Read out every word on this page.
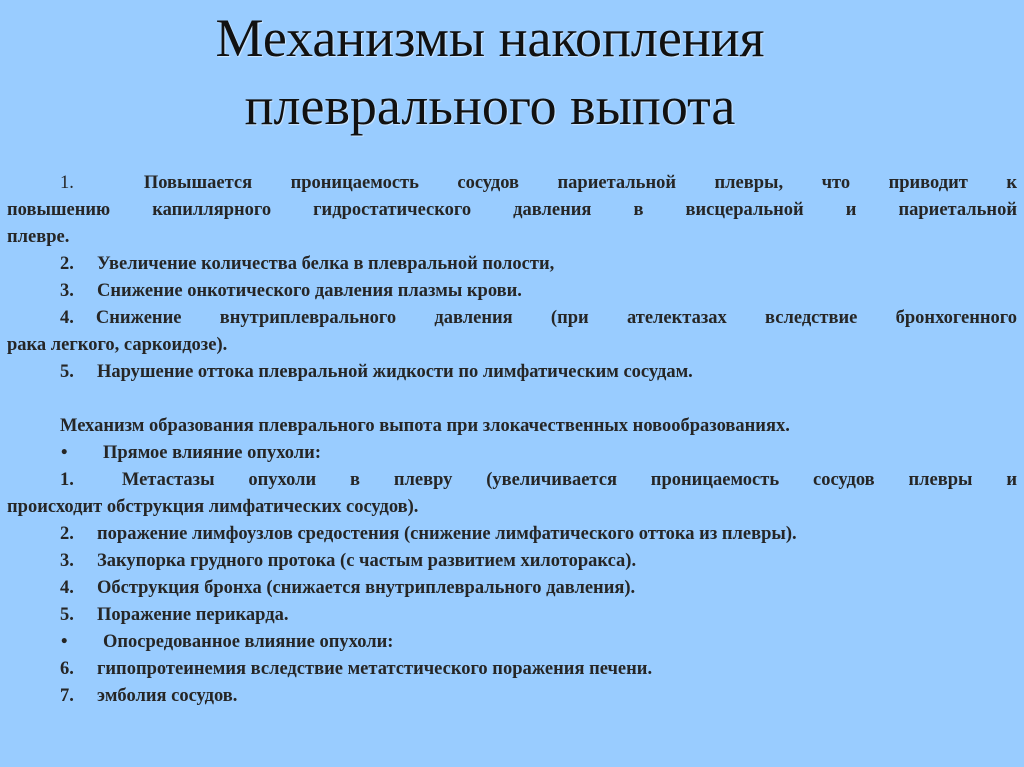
Механизмы накопления
плеврального выпота
1.	Повышается проницаемость сосудов париетальной плевры, что приводит к
повышению капиллярного гидростатического давления в висцеральной и париетальной
плевре.
2. Увеличение количества белка в плевральной полости,
3. Снижение онкотического давления плазмы крови.
4. Снижение внутриплеврального давления (при ателектазах вследствие бронхогенного
рака легкого, саркоидозе).
5. Нарушение оттока плевральной жидкости по лимфатическим сосудам.
Механизм образования плеврального выпота при злокачественных новообразованиях.
• Прямое влияние опухоли:
1.	Метастазы опухоли в плевру (увеличивается проницаемость сосудов плевры и
происходит обструкция лимфатических сосудов).
2. поражение лимфоузлов средостения (снижение лимфатического оттока из плевры).
3. Закупорка грудного протока (с частым развитием хилоторакса).
4. Обструкция бронха (снижается внутриплеврального давления).
5. Поражение перикарда.
• Опосредованное влияние опухоли:
6. гипопротеинемия вследствие метатстического поражения печени.
7. эмболия сосудов.
